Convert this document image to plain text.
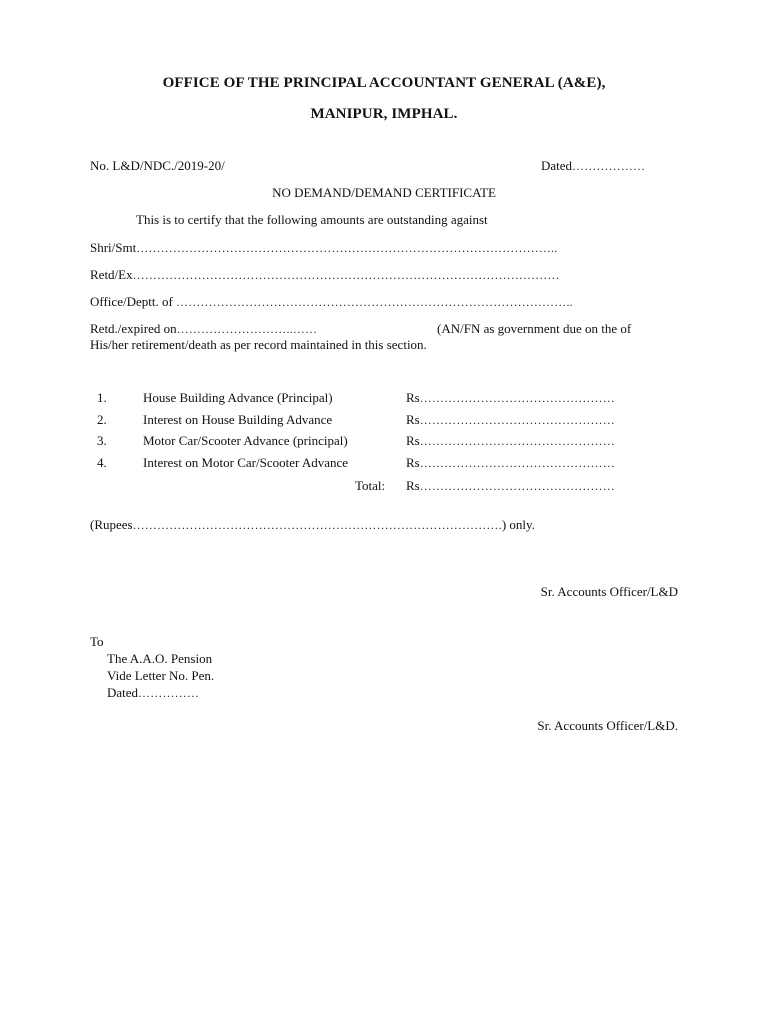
OFFICE OF THE PRINCIPAL ACCOUNTANT GENERAL (A&E),
MANIPUR, IMPHAL.
No. L&D/NDC./2019-20/	Dated………………
NO DEMAND/DEMAND CERTIFICATE
This is to certify that the following amounts are outstanding against
Shri/Smt…………………………………………………………………………………………..
Retd/Ex……………………………………………………………………………………………
Office/Deptt. of ……………………………………………………………………………………..
Retd./expired on………………………..……	(AN/FN as government due on the of
His/her retirement/death as per record maintained in this section.
1.	House Building Advance (Principal)	Rs…………………………………………
2.	Interest on House Building Advance	Rs…………………………………………
3.	Motor Car/Scooter Advance (principal)	Rs…………………………………………
4.	Interest on Motor Car/Scooter Advance	Rs…………………………………………
Total: Rs…………………………………………
(Rupees……………………………………………………………………………….) only.
Sr. Accounts Officer/L&D
To
The A.A.O. Pension
Vide Letter No. Pen.
Dated……………
Sr. Accounts Officer/L&D.
